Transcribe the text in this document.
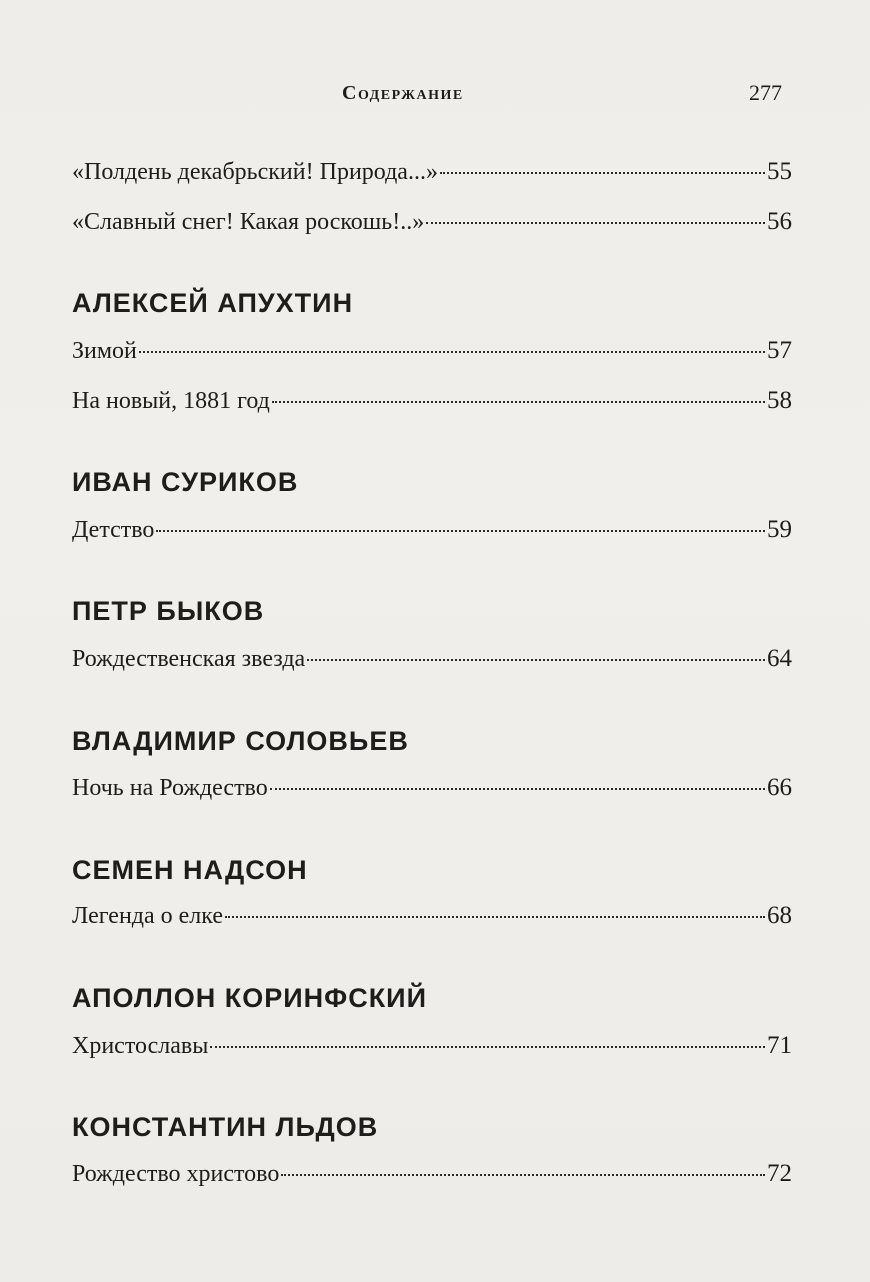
Содержание	277
«Полдень декабрьский! Природа...»	55
«Славный снег! Какая роскошь!..»	56
АЛЕКСЕЙ АПУХТИН
Зимой	57
На новый, 1881 год	58
ИВАН СУРИКОВ
Детство	59
ПЕТР БЫКОВ
Рождественская звезда	64
ВЛАДИМИР СОЛОВЬЕВ
Ночь на Рождество	66
СЕМЕН НАДСОН
Легенда о елке	68
АПОЛЛОН КОРИНФСКИЙ
Христославы	71
КОНСТАНТИН ЛЬДОВ
Рождество христово	72
